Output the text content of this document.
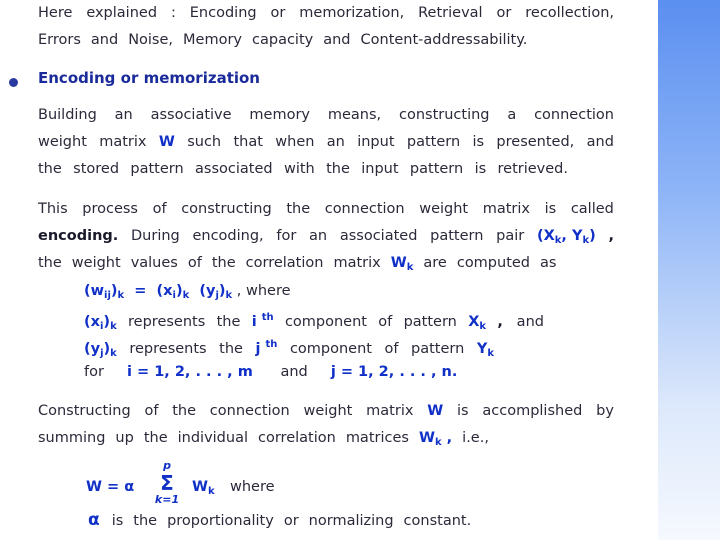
Here explained : Encoding or memorization, Retrieval or recollection,
Errors and Noise, Memory capacity and Content-addressability.
Encoding or memorization
Building an associative memory means, constructing a connection
weight matrix W such that when an input pattern is presented, and
the stored pattern associated with the input pattern is retrieved.
This process of constructing the connection weight matrix is called
encoding. During encoding, for an associated pattern pair ($X_k$, $Y_k$) ,
the weight values of the correlation matrix $W_k$ are computed as
$(w_{ij})_k = (x_i)_k$  $(y_j)_k$ , where
$(x_i)_k$ represents the i $^{th}$ component of pattern $X_k$ ,   and
$(y_j)_k$ represents the j $^{th}$ component of pattern $Y_k$
for i = 1, 2, . . . , m and j = 1, 2, . . . , n.
Constructing of the connection weight matrix W is accomplished by
summing up the individual correlation matrices $W_k$ , i.e.,
W = α
p
Σ
k=1
$W_k$ where
α is the proportionality or normalizing constant.
